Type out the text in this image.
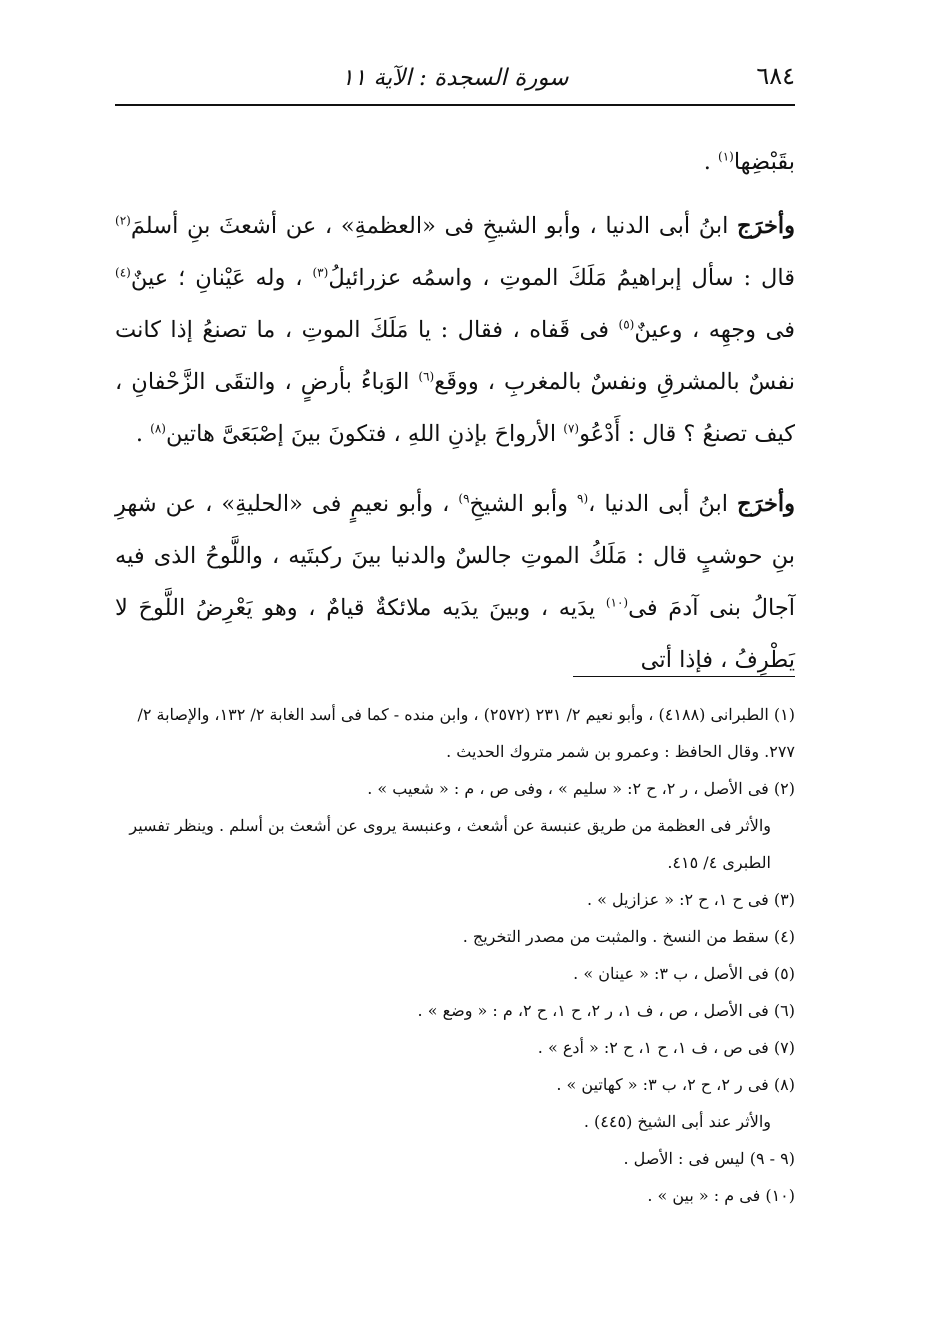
٦٨٤
سورة السجدة : الآية ١١

بقَبْضِها$^{(١)}$ .

وأخرَج ابنُ أبى الدنيا ، وأبو الشيخِ فى «العظمةِ» ، عن أشعثَ بنِ أسلمَ$^{(٢)}$ قال : سأل إبراهيمُ مَلَكَ الموتِ ، واسمُه عزرائيلُ$^{(٣)}$ ، وله عَيْنانِ ؛ عينٌ$^{(٤)}$ فى وجهِه ، وعينٌ$^{(٥)}$ فى قَفاه ، فقال : يا مَلَكَ الموتِ ، ما تصنعُ إذا كانت نفسٌ بالمشرقِ ونفسٌ بالمغربِ ، ووقَع$^{(٦)}$ الوَباءُ بأرضٍ ، والتقَى الزَّحْفانِ ، كيف تصنعُ ؟ قال : أَدْعُو$^{(٧)}$ الأرواحَ بإذنِ اللهِ ، فتكونَ بينَ إصْبَعَىَّ هاتين$^{(٨)}$ .

وأخرَج ابنُ أبى الدنيا ،$^{(٩}$ وأبو الشيخِ$^{٩)}$ ، وأبو نعيمٍ فى «الحليةِ» ، عن شهرِ بنِ حوشبٍ قال : مَلَكُ الموتِ جالسٌ والدنيا بينَ ركبتَيه ، واللَّوحُ الذى فيه آجالُ بنى آدمَ فى$^{(١٠)}$ يدَيه ، وبينَ يدَيه ملائكةٌ قيامٌ ، وهو يَعْرِضُ اللَّوحَ لا يَطْرِفُ ، فإذا أتى

(١) الطبرانى (٤١٨٨) ، وأبو نعيم ٢/ ٢٣١ (٢٥٧٢) ، وابن منده - كما فى أسد الغابة ٢/ ١٣٢، والإصابة ٢/ ٢٧٧. وقال الحافظ : وعمرو بن شمر متروك الحديث .

(٢) فى الأصل ، ر ٢، ح ٢: « سليم » ، وفى ص ، م : « شعيب » .

والأثر فى العظمة من طريق عنبسة عن أشعث ، وعنبسة يروى عن أشعث بن أسلم . وينظر تفسير الطبرى ٤/ ٤١٥.

(٣) فى ح ١، ح ٢: « عزازيل » .

(٤) سقط من النسخ . والمثبت من مصدر التخريج .

(٥) فى الأصل ، ب ٣: « عينان » .

(٦) فى الأصل ، ص ، ف ١، ر ٢، ح ١، ح ٢، م : « وضع » .

(٧) فى ص ، ف ١، ح ١، ح ٢: « أدع » .

(٨) فى ر ٢، ح ٢، ب ٣: « كهاتين » .

والأثر عند أبى الشيخ (٤٤٥) .

(٩ - ٩) ليس فى : الأصل .

(١٠) فى م : « بين » .
